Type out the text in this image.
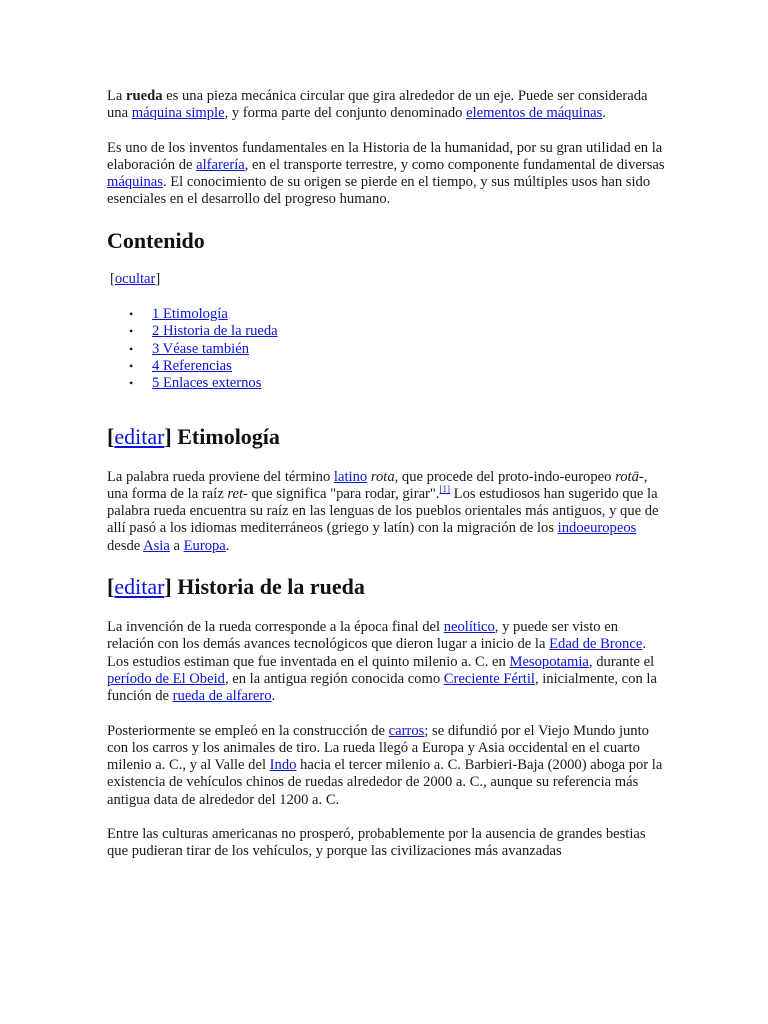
La rueda es una pieza mecánica circular que gira alrededor de un eje. Puede ser considerada una máquina simple, y forma parte del conjunto denominado elementos de máquinas.

Es uno de los inventos fundamentales en la Historia de la humanidad, por su gran utilidad en la elaboración de alfarería, en el transporte terrestre, y como componente fundamental de diversas máquinas. El conocimiento de su origen se pierde en el tiempo, y sus múltiples usos han sido esenciales en el desarrollo del progreso humano.

Contenido

[ocultar]

• 1 Etimología
• 2 Historia de la rueda
• 3 Véase también
• 4 Referencias
• 5 Enlaces externos
[editar] Etimología

La palabra rueda proviene del término latino rota, que procede del proto-indo-europeo rotā-, una forma de la raíz ret- que significa "para rodar, girar".[1] Los estudiosos han sugerido que la palabra rueda encuentra su raíz en las lenguas de los pueblos orientales más antiguos, y que de allí pasó a los idiomas mediterráneos (griego y latín) con la migración de los indoeuropeos desde Asia a Europa.

[editar] Historia de la rueda

La invención de la rueda corresponde a la época final del neolítico, y puede ser visto en relación con los demás avances tecnológicos que dieron lugar a inicio de la Edad de Bronce. Los estudios estiman que fue inventada en el quinto milenio a. C. en Mesopotamia, durante el período de El Obeid, en la antigua región conocida como Creciente Fértil, inicialmente, con la función de rueda de alfarero.

Posteriormente se empleó en la construcción de carros; se difundió por el Viejo Mundo junto con los carros y los animales de tiro. La rueda llegó a Europa y Asia occidental en el cuarto milenio a. C., y al Valle del Indo hacia el tercer milenio a. C. Barbieri-Baja (2000) aboga por la existencia de vehículos chinos de ruedas alrededor de 2000 a. C., aunque su referencia más antigua data de alrededor del 1200 a. C.

Entre las culturas americanas no prosperó, probablemente por la ausencia de grandes bestias que pudieran tirar de los vehículos, y porque las civilizaciones más avanzadas
